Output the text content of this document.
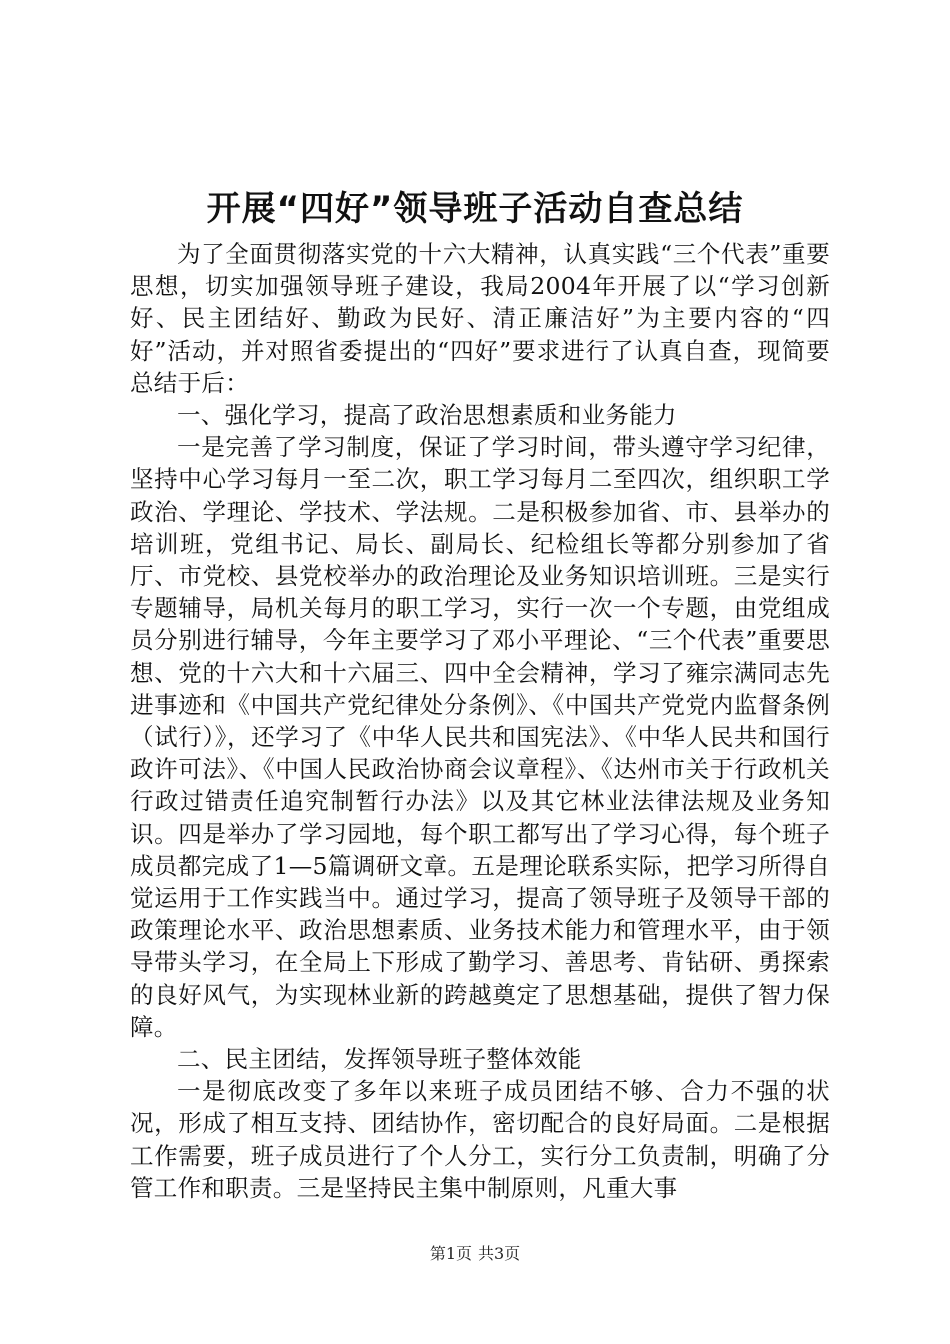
开展“四好”领导班子活动自查总结

为了全面贯彻落实党的十六大精神，认真实践“三个代表”重要思想，切实加强领导班子建设，我局2004年开展了以“学习创新好、民主团结好、勤政为民好、清正廉洁好”为主要内容的“四好”活动，并对照省委提出的“四好”要求进行了认真自查，现简要总结于后：

一、强化学习，提高了政治思想素质和业务能力

一是完善了学习制度，保证了学习时间，带头遵守学习纪律，坚持中心学习每月一至二次，职工学习每月二至四次，组织职工学政治、学理论、学技术、学法规。二是积极参加省、市、县举办的培训班，党组书记、局长、副局长、纪检组长等都分别参加了省厅、市党校、县党校举办的政治理论及业务知识培训班。三是实行专题辅导，局机关每月的职工学习，实行一次一个专题，由党组成员分别进行辅导，今年主要学习了邓小平理论、“三个代表”重要思想、党的十六大和十六届三、四中全会精神，学习了雍宗满同志先进事迹和《中国共产党纪律处分条例》、《中国共产党党内监督条例（试行）》，还学习了《中华人民共和国宪法》、《中华人民共和国行政许可法》、《中国人民政治协商会议章程》、《达州市关于行政机关行政过错责任追究制暂行办法》以及其它林业法律法规及业务知识。四是举办了学习园地，每个职工都写出了学习心得，每个班子成员都完成了1—5篇调研文章。五是理论联系实际，把学习所得自觉运用于工作实践当中。通过学习，提高了领导班子及领导干部的政策理论水平、政治思想素质、业务技术能力和管理水平，由于领导带头学习，在全局上下形成了勤学习、善思考、肯钻研、勇探索的良好风气，为实现林业新的跨越奠定了思想基础，提供了智力保障。

二、民主团结，发挥领导班子整体效能

一是彻底改变了多年以来班子成员团结不够、合力不强的状况，形成了相互支持、团结协作，密切配合的良好局面。二是根据工作需要，班子成员进行了个人分工，实行分工负责制，明确了分管工作和职责。三是坚持民主集中制原则，凡重大事

第1页 共3页
